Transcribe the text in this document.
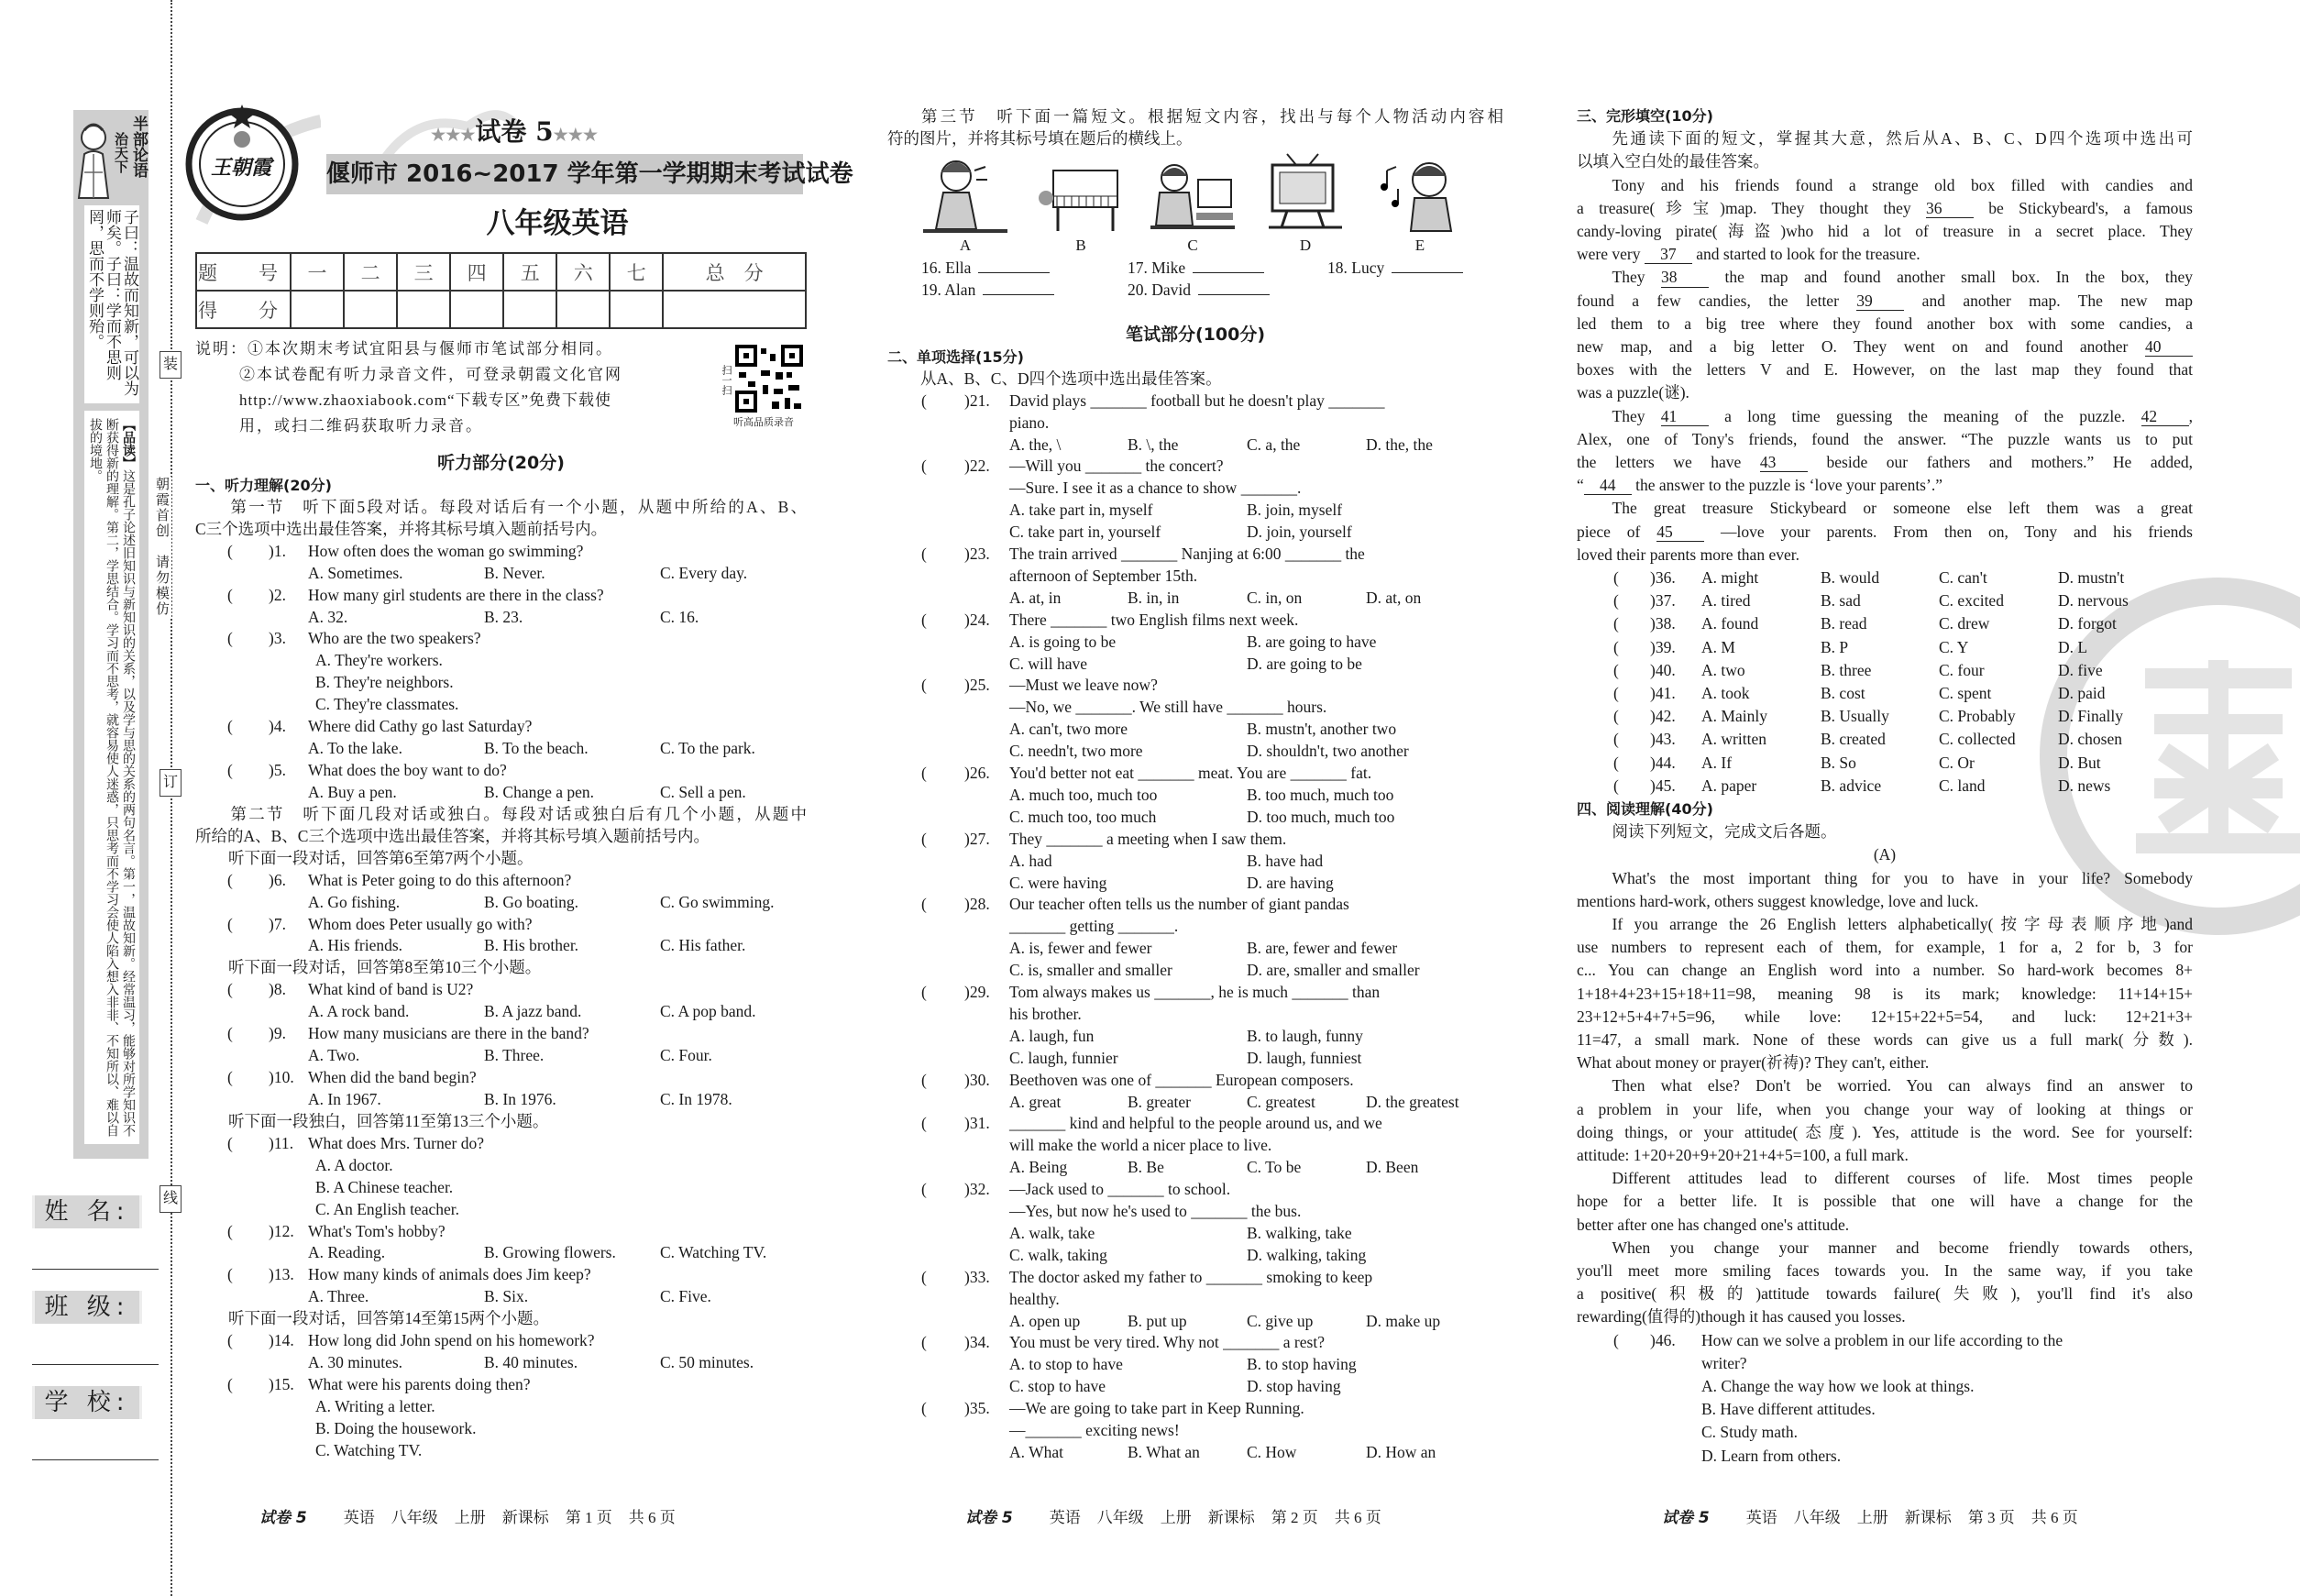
半部论语
治天下
子曰：温故而知新，可以为师矣。子曰：学而不思则罔，思而不学则殆。
【品读】这是孔子论述旧知识与新知识的关系，以及学与思的关系的两句名言。第一，温故知新。经常温习，能够对所学知识不断获得新的理解。第二，学思结合。学习而不思考，就容易使人迷惑，只思考而不学习会使人陷入想入非非、不知所以、难以自拔的境地。
姓 名:
班 级:
学 校:
装
订
线
朝霞首创　请勿模仿
王朝霞
★★★试卷 5★★★
偃师市 2016~2017 学年第一学期期末考试试卷
八年级英语
题　号	一	二	三	四	五	六	七	总　分
得　分								
说明：①本次期末考试宜阳县与偃师市笔试部分相同。
②本试卷配有听力录音文件，可登录朝霞文化官网
http://www.zhaoxiabook.com“下载专区”免费下载使
用，或扫二维码获取听力录音。
扫一扫
听高品质录音
听力部分(20分)
一、听力理解(20分)
第一节　听下面5段对话。每段对话后有一个小题，从题中所给的A、B、
C三个选项中选出最佳答案，并将其标号填入题前括号内。
(
) 1 . How often does the woman go swimming?
A. Sometimes.	B. Never.	C. Every day.
(
) 2 . How many girl students are there in the class?
A. 32.	B. 23.	C. 16.
(
) 3 . Who are the two speakers?
A. They're workers.
B. They're neighbors.
C. They're classmates.
(
) 4 . Where did Cathy go last Saturday?
A. To the lake.	B. To the beach.	C. To the park.
(
) 5 . What does the boy want to do?
A. Buy a pen.	B. Change a pen.	C. Sell a pen.
第二节　听下面几段对话或独白。每段对话或独白后有几个小题，从题中
所给的A、B、C三个选项中选出最佳答案，并将其标号填入题前括号内。
听下面一段对话，回答第6至第7两个小题。
(
) 6 . What is Peter going to do this afternoon?
A. Go fishing.	B. Go boating.	C. Go swimming.
(
) 7 . Whom does Peter usually go with?
A. His friends.	B. His brother.	C. His father.
听下面一段对话，回答第8至第10三个小题。
(
) 8 . What kind of band is U2?
A. A rock band.	B. A jazz band.	C. A pop band.
(
) 9 . How many musicians are there in the band?
A. Two.	B. Three.	C. Four.
(
) 10 . When did the band begin?
A. In 1967.	B. In 1976.	C. In 1978.
听下面一段独白，回答第11至第13三个小题。
(
) 11 . What does Mrs. Turner do?
A. A doctor.
B. A Chinese teacher.
C. An English teacher.
(
) 12 . What's Tom's hobby?
A. Reading.	B. Growing flowers.	C. Watching TV.
(
) 13 . How many kinds of animals does Jim keep?
A. Three.	B. Six.	C. Five.
听下面一段对话，回答第14至第15两个小题。
(
) 14 . How long did John spend on his homework?
A. 30 minutes.	B. 40 minutes.	C. 50 minutes.
(
) 15 . What were his parents doing then?
A. Writing a letter.
B. Doing the housework.
C. Watching TV.
第三节　听下面一篇短文。根据短文内容，找出与每个人物活动内容相
符的图片，并将其标号填在题后的横线上。
A	B	C	D	E
16. Ella	17. Mike	18. Lucy
19. Alan	20. David
笔试部分(100分)
二、单项选择(15分)
从A、B、C、D四个选项中选出最佳答案。
(
) 21 . David plays _______ football but he doesn't play _______
piano.
A. the, \	B. \, the	C. a, the	D. the, the
(
) 22 . —Will you _______ the concert?
—Sure. I see it as a chance to show _______.
A. take part in, myself	B. join, myself
C. take part in, yourself	D. join, yourself
(
) 23 . The train arrived _______ Nanjing at 6:00 _______ the
afternoon of September 15th.
A. at, in	B. in, in	C. in, on	D. at, on
(
) 24 . There _______ two English films next week.
A. is going to be	B. are going to have
C. will have	D. are going to be
(
) 25 . —Must we leave now?
—No, we _______. We still have _______ hours.
A. can't, two more	B. mustn't, another two
C. needn't, two more	D. shouldn't, two another
(
) 26 . You'd better not eat _______ meat. You are _______ fat.
A. much too, much too	B. too much, much too
C. much too, too much	D. too much, much too
(
) 27 . They _______ a meeting when I saw them.
A. had	B. have had
C. were having	D. are having
(
) 28 . Our teacher often tells us the number of giant pandas
_______ getting _______.
A. is, fewer and fewer	B. are, fewer and fewer
C. is, smaller and smaller	D. are, smaller and smaller
(
) 29 . Tom always makes us _______, he is much _______ than
his brother.
A. laugh, fun	B. to laugh, funny
C. laugh, funnier	D. laugh, funniest
(
) 30 . Beethoven was one of _______ European composers.
A. great	B. greater	C. greatest	D. the greatest
(
) 31 . _______ kind and helpful to the people around us, and we
will make the world a nicer place to live.
A. Being	B. Be	C. To be	D. Been
(
) 32 . —Jack used to _______ to school.
—Yes, but now he's used to _______ the bus.
A. walk, take	B. walking, take
C. walk, taking	D. walking, taking
(
) 33 . The doctor asked my father to _______ smoking to keep
healthy.
A. open up	B. put up	C. give up	D. make up
(
) 34 . You must be very tired. Why not _______ a rest?
A. to stop to have	B. to stop having
C. stop to have	D. stop having
(
) 35 . —We are going to take part in Keep Running.
—_______ exciting news!
A. What	B. What an	C. How	D. How an
三、完形填空(10分)
先通读下面的短文，掌握其大意，然后从A、B、C、D四个选项中选出可
以填入空白处的最佳答案。
Tony and his friends found a strange old box filled with candies and
a treasure(珍宝)map. They thought they 36 be Stickybeard's, a famous
candy-loving pirate(海盗)who hid a lot of treasure in a secret place. They
were very 37 and started to look for the treasure.
They 38 the map and found another small box. In the box, they
found a few candies, the letter 39 and another map. The new map
led them to a big tree where they found another box with some candies, a
new map, and a big letter O. They went on and found another 40
boxes with the letters V and E. However, on the last map they found that
was a puzzle(谜).
They 41 a long time guessing the meaning of the puzzle. 42 ,
Alex, one of Tony's friends, found the answer. “The puzzle wants us to put
the letters we have 43 beside our fathers and mothers.” He added,
“ 44 the answer to the puzzle is ‘love your parents’.”
The great treasure Stickybeard or someone else left them was a great
piece of 45 —love your parents. From then on, Tony and his friends
loved their parents more than ever.
(
) 36 . A. might	B. would	C. can't	D. mustn't
(
) 37 . A. tired	B. sad	C. excited	D. nervous
(
) 38 . A. found	B. read	C. drew	D. forgot
(
) 39 . A. M	B. P	C. Y	D. L
(
) 40 . A. two	B. three	C. four	D. five
(
) 41 . A. took	B. cost	C. spent	D. paid
(
) 42 . A. Mainly	B. Usually	C. Probably	D. Finally
(
) 43 . A. written	B. created	C. collected	D. chosen
(
) 44 . A. If	B. So	C. Or	D. But
(
) 45 . A. paper	B. advice	C. land	D. news
四、阅读理解(40分)
阅读下列短文，完成文后各题。
(A)
What's the most important thing for you to have in your life? Somebody
mentions hard-work, others suggest knowledge, love and luck.
If you arrange the 26 English letters alphabetically(按字母表顺序地)and
use numbers to represent each of them, for example, 1 for a, 2 for b, 3 for
c... You can change an English word into a number. So hard-work becomes 8+
1+18+4+23+15+18+11=98, meaning 98 is its mark; knowledge: 11+14+15+
23+12+5+4+7+5=96, while love: 12+15+22+5=54, and luck: 12+21+3+
11=47, a small mark. None of these words can give us a full mark(分数).
What about money or prayer(祈祷)? They can't, either.
Then what else? Don't be worried. You can always find an answer to
a problem in your life, when you change your way of looking at things or
doing things, or your attitude(态度). Yes, attitude is the word. See for yourself:
attitude: 1+20+20+9+20+21+4+5=100, a full mark.
Different attitudes lead to different courses of life. Most times people
hope for a better life. It is possible that one will have a change for the
better after one has changed one's attitude.
When you change your manner and become friendly towards others,
you'll meet more smiling faces towards you. In the same way, if you take
a positive(积极的)attitude towards failure(失败), you'll find it's also
rewarding(值得的)though it has caused you losses.
(
) 46 . How can we solve a problem in our life according to the
writer?
A. Change the way how we look at things.
B. Have different attitudes.
C. Study math.
D. Learn from others.
试卷 5 英语 八年级 上册 新课标 第 1 页 共 6 页	试卷 5 英语 八年级 上册 新课标 第 2 页 共 6 页	试卷 5 英语 八年级 上册 新课标 第 3 页 共 6 页
